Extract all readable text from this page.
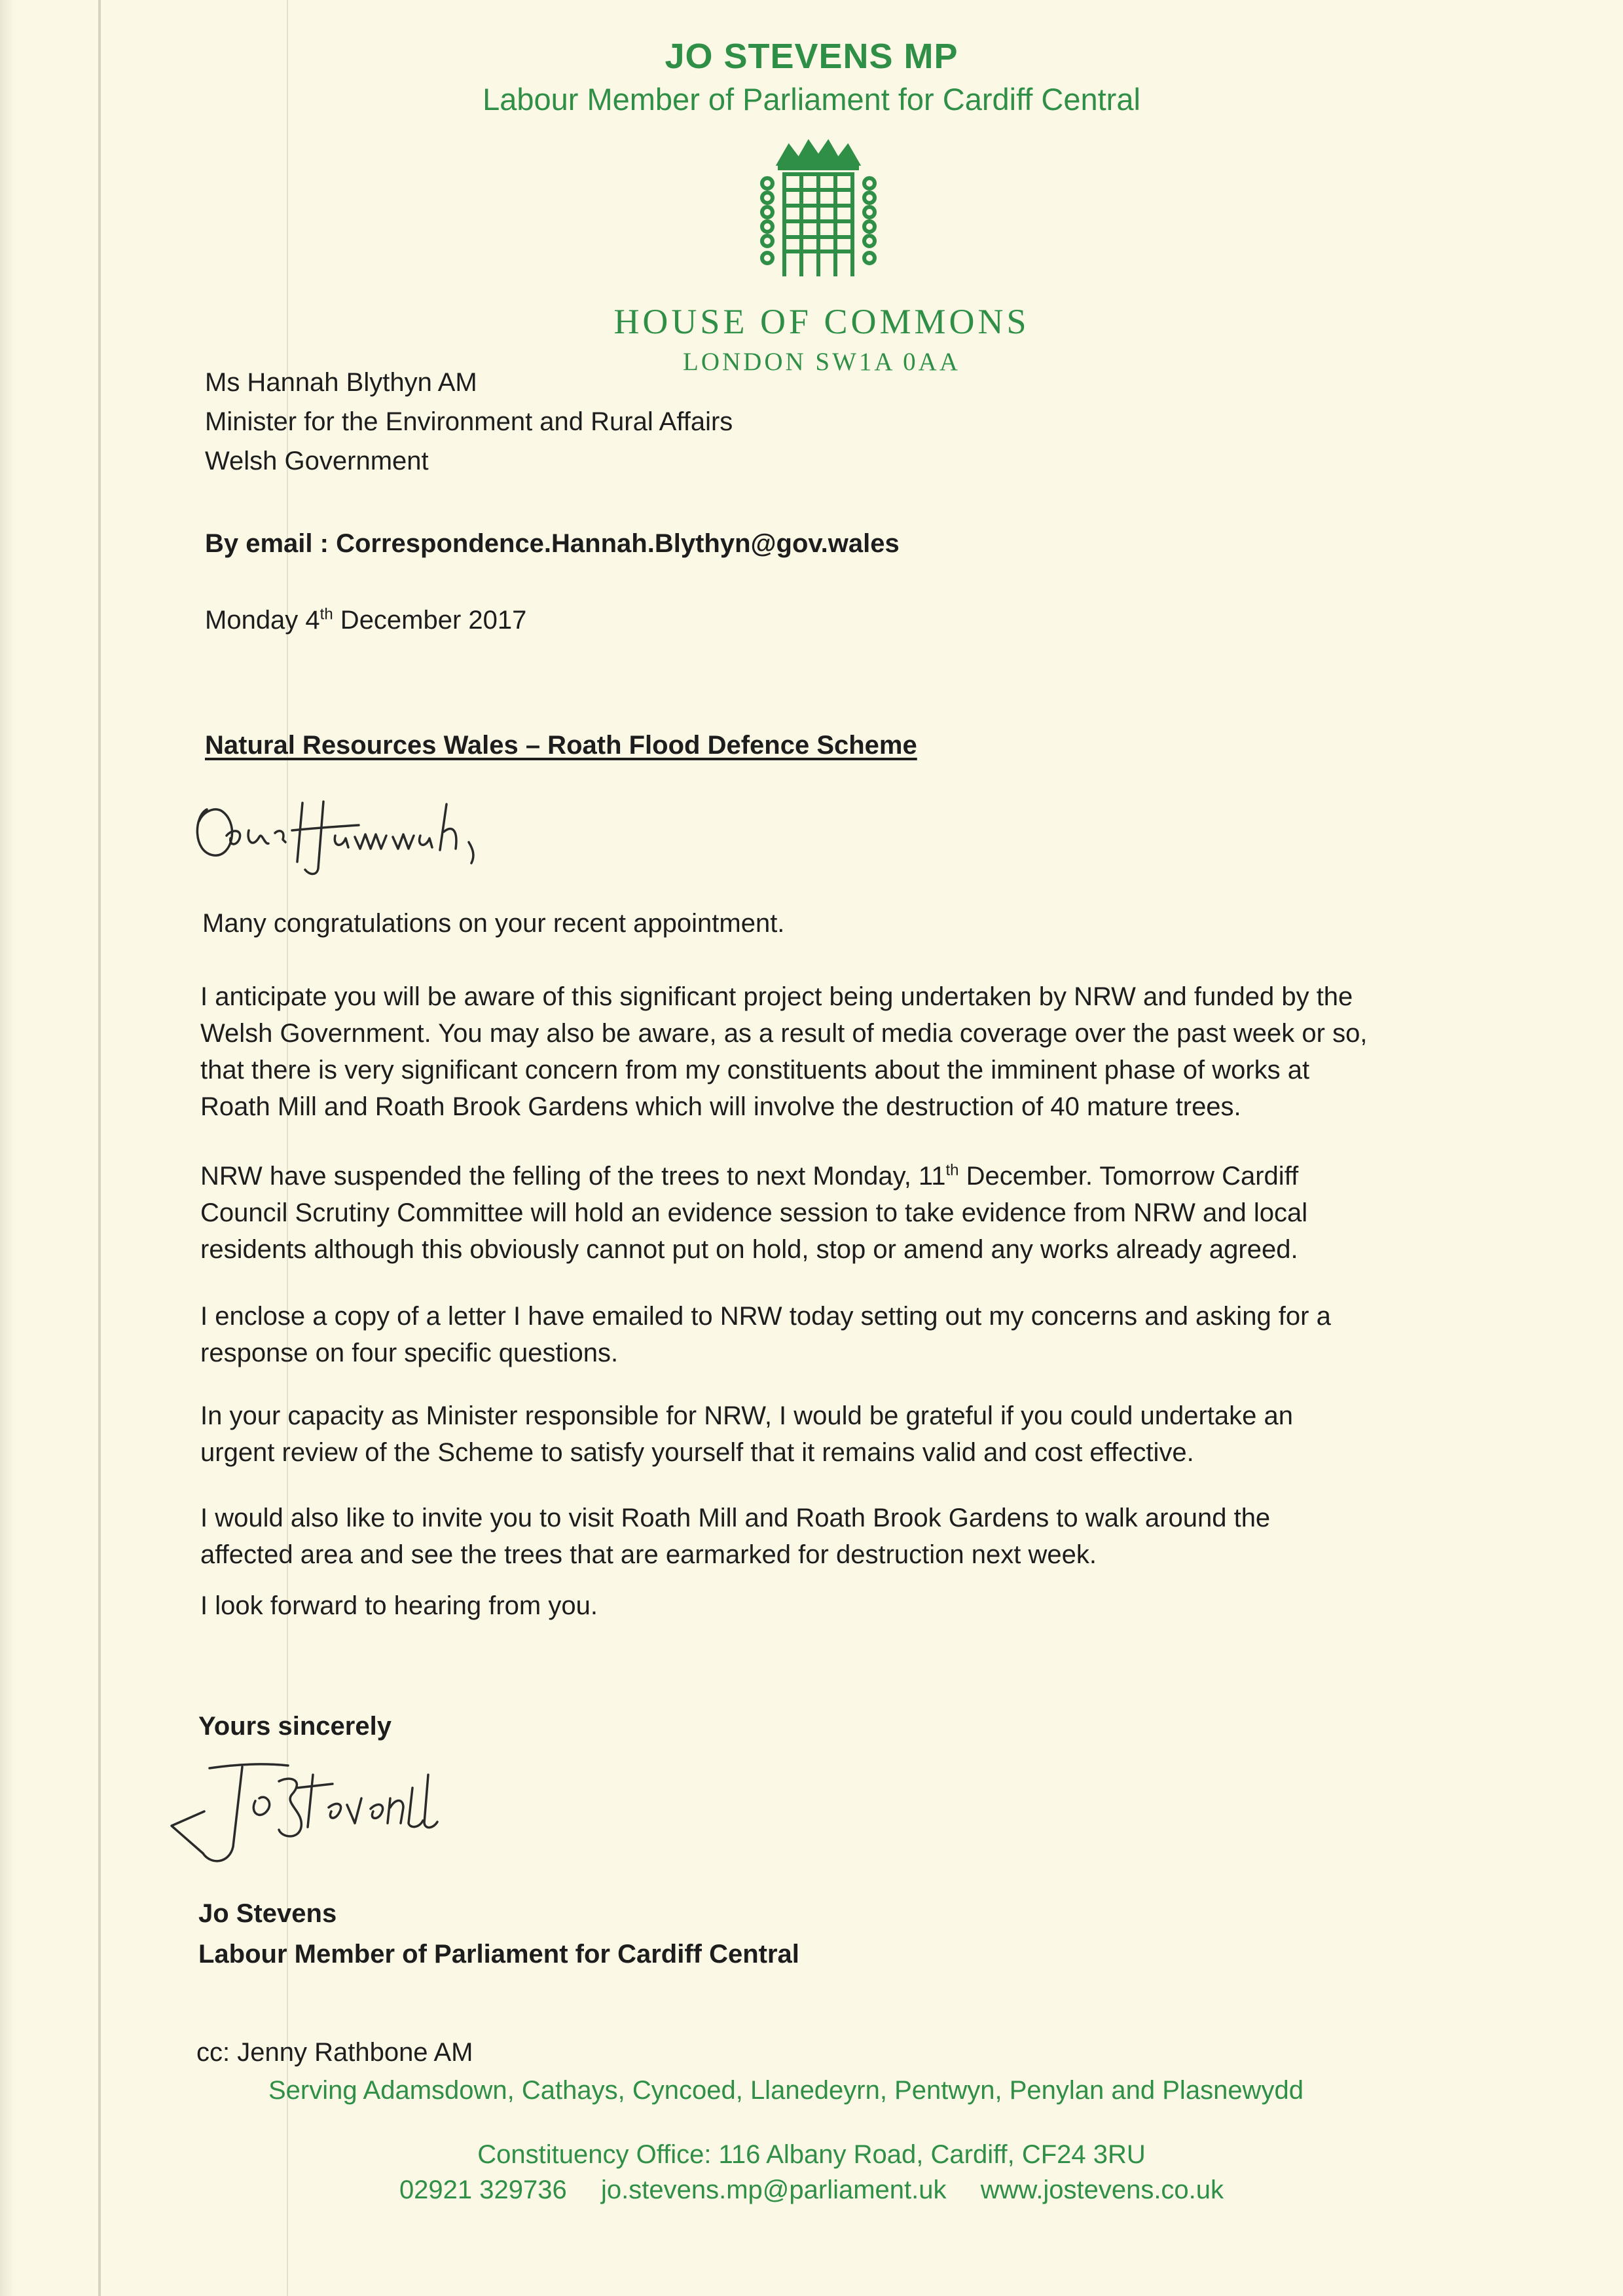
JO STEVENS MP
Labour Member of Parliament for Cardiff Central
HOUSE OF COMMONS
LONDON SW1A 0AA
Ms Hannah Blythyn AM
Minister for the Environment and Rural Affairs
Welsh Government
By email : Correspondence.Hannah.Blythyn@gov.wales
Monday 4th December 2017
Natural Resources Wales – Roath Flood Defence Scheme
Many congratulations on your recent appointment.

I anticipate you will be aware of this significant project being undertaken by NRW and funded by the

Welsh Government. You may also be aware, as a result of media coverage over the past week or so,

that there is very significant concern from my constituents about the imminent phase of works at

Roath Mill and Roath Brook Gardens which will involve the destruction of 40 mature trees.

NRW have suspended the felling of the trees to next Monday, 11th December. Tomorrow Cardiff

Council Scrutiny Committee will hold an evidence session to take evidence from NRW and local

residents although this obviously cannot put on hold, stop or amend any works already agreed.

I enclose a copy of a letter I have emailed to NRW today setting out my concerns and asking for a

response on four specific questions.

In your capacity as Minister responsible for NRW, I would be grateful if you could undertake an

urgent review of the Scheme to satisfy yourself that it remains valid and cost effective.

I would also like to invite you to visit Roath Mill and Roath Brook Gardens to walk around the

affected area and see the trees that are earmarked for destruction next week.

I look forward to hearing from you.
Yours sincerely
Jo Stevens
Labour Member of Parliament for Cardiff Central
cc: Jenny Rathbone AM
Serving Adamsdown, Cathays, Cyncoed, Llanedeyrn, Pentwyn, Penylan and Plasnewydd
Constituency Office: 116 Albany Road, Cardiff, CF24 3RU
02921 329736 jo.stevens.mp@parliament.uk www.jostevens.co.uk
